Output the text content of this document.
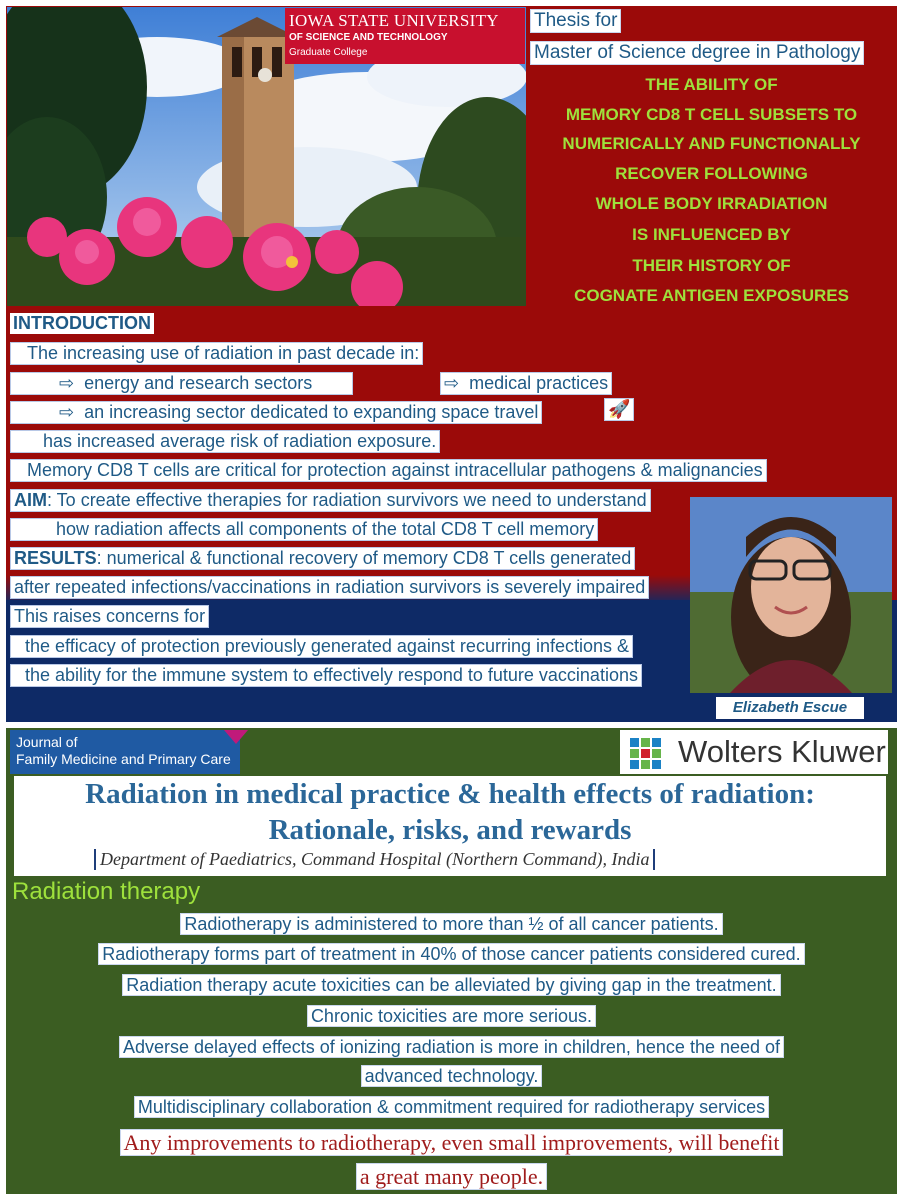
IOWA STATE UNIVERSITY
OF SCIENCE AND TECHNOLOGY
Graduate College
Thesis for
Master of Science degree in Pathology
THE ABILITY OF
MEMORY CD8 T CELL SUBSETS TO
NUMERICALLY AND FUNCTIONALLY
RECOVER FOLLOWING
WHOLE BODY IRRADIATION
IS INFLUENCED BY
THEIR HISTORY OF
COGNATE ANTIGEN EXPOSURES
INTRODUCTION
The increasing use of radiation in past decade in:
⇨ energy and research sectors	⇨ medical practices
⇨ an increasing sector dedicated to expanding space travel	🚀
has increased average risk of radiation exposure.
Memory CD8 T cells are critical for protection against intracellular pathogens & malignancies
AIM: To create effective therapies for radiation survivors we need to understand
how radiation affects all components of the total CD8 T cell memory
RESULTS: numerical & functional recovery of memory CD8 T cells generated
after repeated infections/vaccinations in radiation survivors is severely impaired
This raises concerns for
the efficacy of protection previously generated against recurring infections &
the ability for the immune system to effectively respond to future vaccinations
Elizabeth Escue
Journal of
Family Medicine and Primary Care	Wolters Kluwer
Radiation in medical practice & health effects of radiation:
Rationale, risks, and rewards
Department of Paediatrics, Command Hospital (Northern Command), India
Radiation therapy
Radiotherapy is administered to more than ½ of all cancer patients.
Radiotherapy forms part of treatment in 40% of those cancer patients considered cured.
Radiation therapy acute toxicities can be alleviated by giving gap in the treatment.
Chronic toxicities are more serious.
Adverse delayed effects of ionizing radiation is more in children, hence the need of
advanced technology.
Multidisciplinary collaboration & commitment required for radiotherapy services
Any improvements to radiotherapy, even small improvements, will benefit
a great many people.
